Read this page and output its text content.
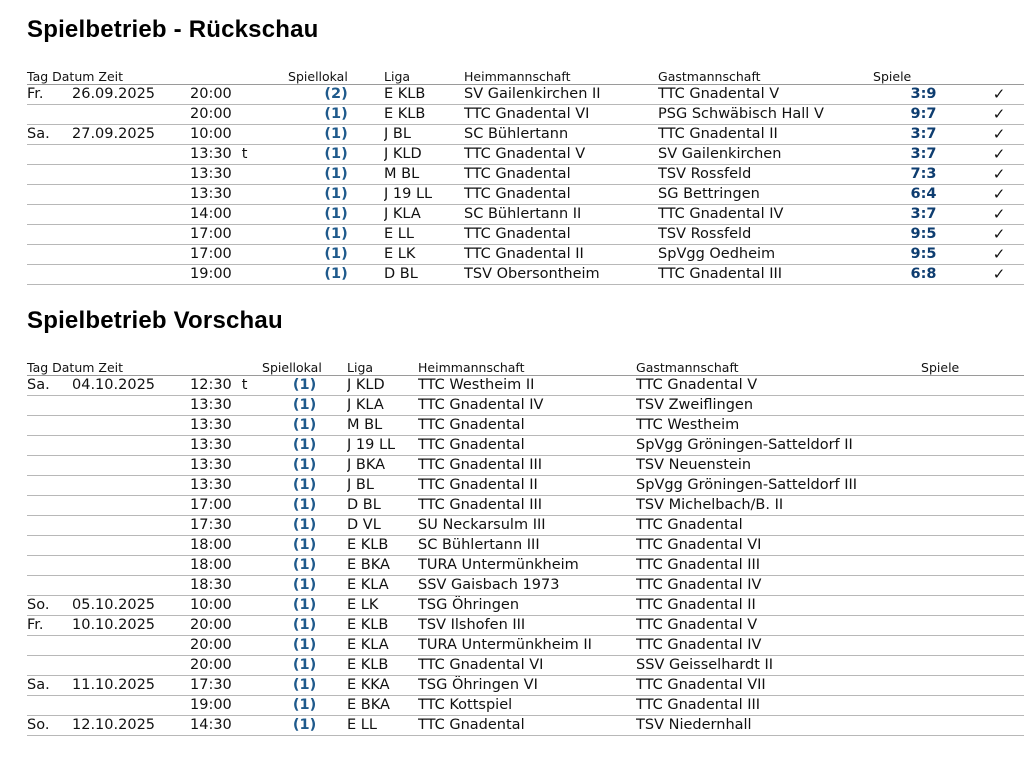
Spielbetrieb - Rückschau
Tag Datum Zeit			Spiellokal	Liga	Heimmannschaft	Gastmannschaft	Spiele	
Fr.	26.09.2025	20:00	(2)	E KLB	SV Gailenkirchen II	TTC Gnadental V	3:9	✓
		20:00	(1)	E KLB	TTC Gnadental VI	PSG Schwäbisch Hall V	9:7	✓
Sa.	27.09.2025	10:00	(1)	J BL	SC Bühlertann	TTC Gnadental II	3:7	✓
		13:30 t	(1)	J KLD	TTC Gnadental V	SV Gailenkirchen	3:7	✓
		13:30	(1)	M BL	TTC Gnadental	TSV Rossfeld	7:3	✓
		13:30	(1)	J 19 LL	TTC Gnadental	SG Bettringen	6:4	✓
		14:00	(1)	J KLA	SC Bühlertann II	TTC Gnadental IV	3:7	✓
		17:00	(1)	E LL	TTC Gnadental	TSV Rossfeld	9:5	✓
		17:00	(1)	E LK	TTC Gnadental II	SpVgg Oedheim	9:5	✓
		19:00	(1)	D BL	TSV Obersontheim	TTC Gnadental III	6:8	✓
Spielbetrieb Vorschau
Tag Datum Zeit			Spiellokal	Liga	Heimmannschaft	Gastmannschaft	Spiele
Sa.	04.10.2025	12:30 t	(1)	J KLD	TTC Westheim II	TTC Gnadental V	
		13:30	(1)	J KLA	TTC Gnadental IV	TSV Zweiflingen	
		13:30	(1)	M BL	TTC Gnadental	TTC Westheim	
		13:30	(1)	J 19 LL	TTC Gnadental	SpVgg Gröningen-Satteldorf II	
		13:30	(1)	J BKA	TTC Gnadental III	TSV Neuenstein	
		13:30	(1)	J BL	TTC Gnadental II	SpVgg Gröningen-Satteldorf III	
		17:00	(1)	D BL	TTC Gnadental III	TSV Michelbach/B. II	
		17:30	(1)	D VL	SU Neckarsulm III	TTC Gnadental	
		18:00	(1)	E KLB	SC Bühlertann III	TTC Gnadental VI	
		18:00	(1)	E BKA	TURA Untermünkheim	TTC Gnadental III	
		18:30	(1)	E KLA	SSV Gaisbach 1973	TTC Gnadental IV	
So.	05.10.2025	10:00	(1)	E LK	TSG Öhringen	TTC Gnadental II	
Fr.	10.10.2025	20:00	(1)	E KLB	TSV Ilshofen III	TTC Gnadental V	
		20:00	(1)	E KLA	TURA Untermünkheim II	TTC Gnadental IV	
		20:00	(1)	E KLB	TTC Gnadental VI	SSV Geisselhardt II	
Sa.	11.10.2025	17:30	(1)	E KKA	TSG Öhringen VI	TTC Gnadental VII	
		19:00	(1)	E BKA	TTC Kottspiel	TTC Gnadental III	
So.	12.10.2025	14:30	(1)	E LL	TTC Gnadental	TSV Niedernhall	
